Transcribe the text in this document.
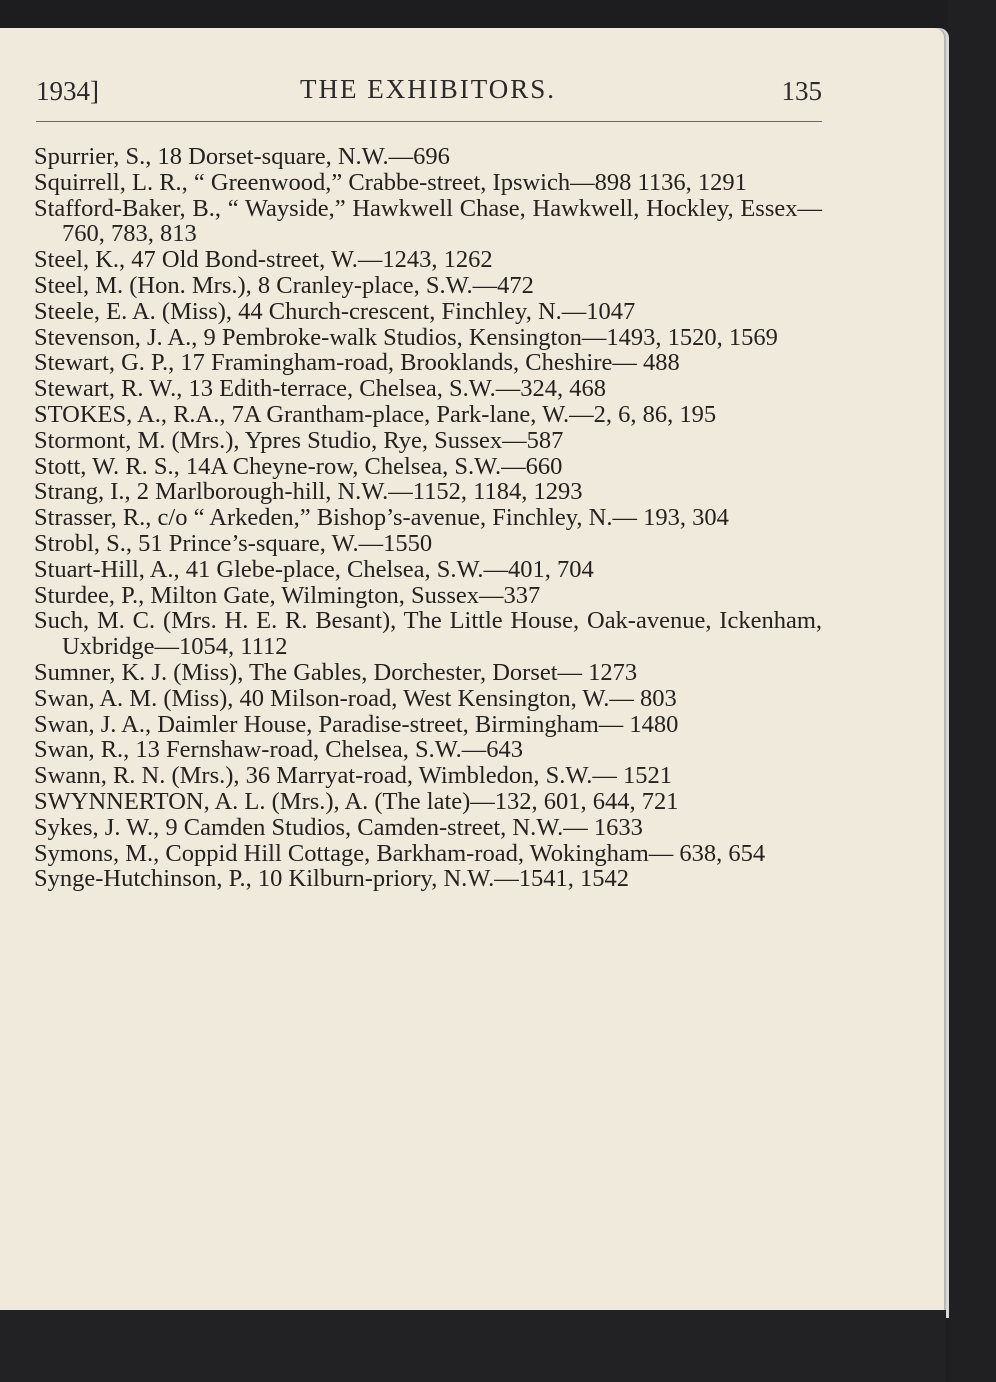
1934]	THE EXHIBITORS.	135

Spurrier, S., 18 Dorset-square, N.W.—696

Squirrell, L. R., “ Greenwood,” Crabbe-street, Ipswich—898 1136, 1291

Stafford-Baker, B., “ Wayside,” Hawkwell Chase, Hawkwell, Hockley, Essex—760, 783, 813

Steel, K., 47 Old Bond-street, W.—1243, 1262

Steel, M. (Hon. Mrs.), 8 Cranley-place, S.W.—472

Steele, E. A. (Miss), 44 Church-crescent, Finchley, N.—1047

Stevenson, J. A., 9 Pembroke-walk Studios, Kensington—1493, 1520, 1569

Stewart, G. P., 17 Framingham-road, Brooklands, Cheshire— 488

Stewart, R. W., 13 Edith-terrace, Chelsea, S.W.—324, 468

STOKES, A., R.A., 7A Grantham-place, Park-lane, W.—2, 6, 86, 195

Stormont, M. (Mrs.), Ypres Studio, Rye, Sussex—587

Stott, W. R. S., 14A Cheyne-row, Chelsea, S.W.—660

Strang, I., 2 Marlborough-hill, N.W.—1152, 1184, 1293

Strasser, R., c/o “ Arkeden,” Bishop’s-avenue, Finchley, N.— 193, 304

Strobl, S., 51 Prince’s-square, W.—1550

Stuart-Hill, A., 41 Glebe-place, Chelsea, S.W.—401, 704

Sturdee, P., Milton Gate, Wilmington, Sussex—337

Such, M. C. (Mrs. H. E. R. Besant), The Little House, Oak-avenue, Ickenham, Uxbridge—1054, 1112

Sumner, K. J. (Miss), The Gables, Dorchester, Dorset— 1273

Swan, A. M. (Miss), 40 Milson-road, West Kensington, W.— 803

Swan, J. A., Daimler House, Paradise-street, Birmingham— 1480

Swan, R., 13 Fernshaw-road, Chelsea, S.W.—643

Swann, R. N. (Mrs.), 36 Marryat-road, Wimbledon, S.W.— 1521

SWYNNERTON, A. L. (Mrs.), A. (The late)—132, 601, 644, 721

Sykes, J. W., 9 Camden Studios, Camden-street, N.W.— 1633

Symons, M., Coppid Hill Cottage, Barkham-road, Wokingham— 638, 654

Synge-Hutchinson, P., 10 Kilburn-priory, N.W.—1541, 1542
